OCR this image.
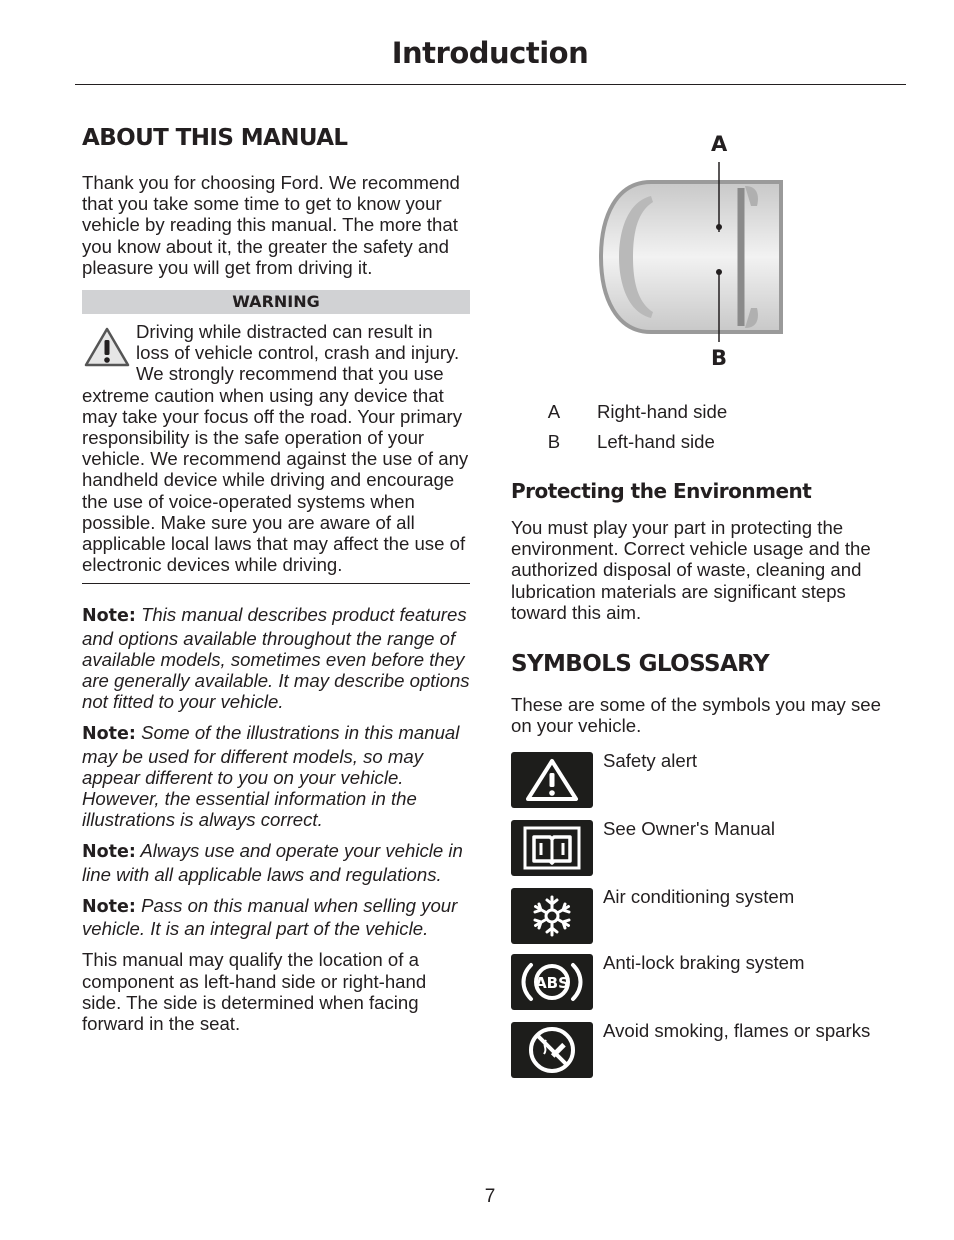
Introduction
ABOUT THIS MANUAL
Thank you for choosing Ford. We recommend that you take some time to get to know your vehicle by reading this manual. The more that you know about it, the greater the safety and pleasure you will get from driving it.
WARNING
Driving while distracted can result in loss of vehicle control, crash and injury. We strongly recommend that you use extreme caution when using any device that may take your focus off the road. Your primary responsibility is the safe operation of your vehicle. We recommend against the use of any handheld device while driving and encourage the use of voice-operated systems when possible. Make sure you are aware of all applicable local laws that may affect the use of electronic devices while driving.
Note: This manual describes product features and options available throughout the range of available models, sometimes even before they are generally available. It may describe options not fitted to your vehicle.
Note: Some of the illustrations in this manual may be used for different models, so may appear different to you on your vehicle. However, the essential information in the illustrations is always correct.
Note: Always use and operate your vehicle in line with all applicable laws and regulations.
Note: Pass on this manual when selling your vehicle. It is an integral part of the vehicle.
This manual may qualify the location of a component as left-hand side or right-hand side. The side is determined when facing forward in the seat.
A
B
A	Right-hand side
B	Left-hand side
Protecting the Environment
You must play your part in protecting the environment. Correct vehicle usage and the authorized disposal of waste, cleaning and lubrication materials are significant steps toward this aim.
SYMBOLS GLOSSARY
These are some of the symbols you may see on your vehicle.
Safety alert
See Owner's Manual
Air conditioning system
ABS
Anti-lock braking system
Avoid smoking, flames or sparks
7
